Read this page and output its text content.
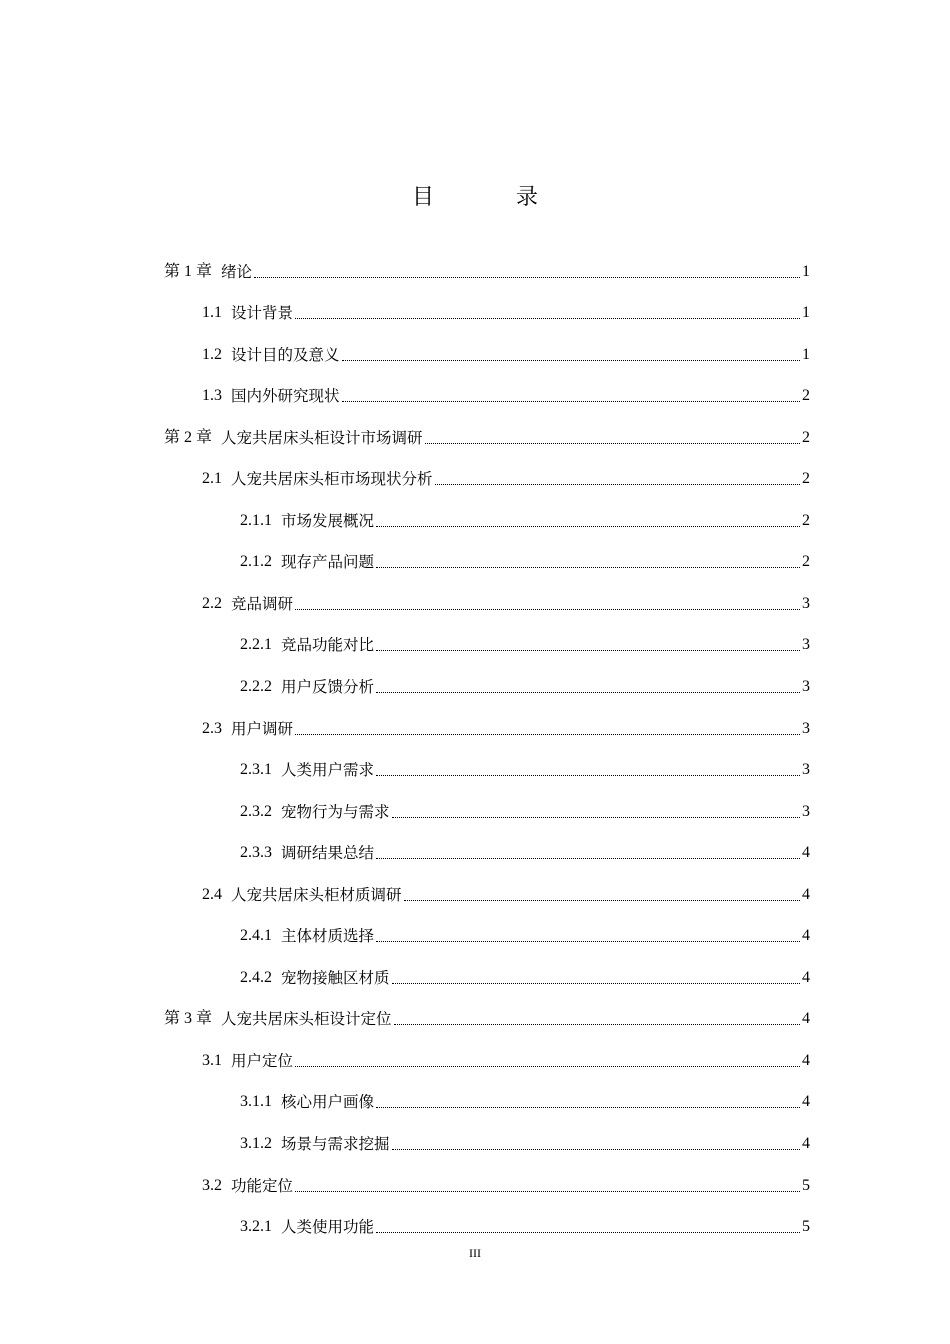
目　录
第 1 章 绪论	1
1.1 设计背景	1
1.2 设计目的及意义	1
1.3 国内外研究现状	2
第 2 章 人宠共居床头柜设计市场调研	2
2.1 人宠共居床头柜市场现状分析	2
2.1.1 市场发展概况	2
2.1.2 现存产品问题	2
2.2 竞品调研	3
2.2.1 竞品功能对比	3
2.2.2 用户反馈分析	3
2.3 用户调研	3
2.3.1 人类用户需求	3
2.3.2 宠物行为与需求	3
2.3.3 调研结果总结	4
2.4 人宠共居床头柜材质调研	4
2.4.1 主体材质选择	4
2.4.2 宠物接触区材质	4
第 3 章 人宠共居床头柜设计定位	4
3.1 用户定位	4
3.1.1 核心用户画像	4
3.1.2 场景与需求挖掘	4
3.2 功能定位	5
3.2.1 人类使用功能	5
III
